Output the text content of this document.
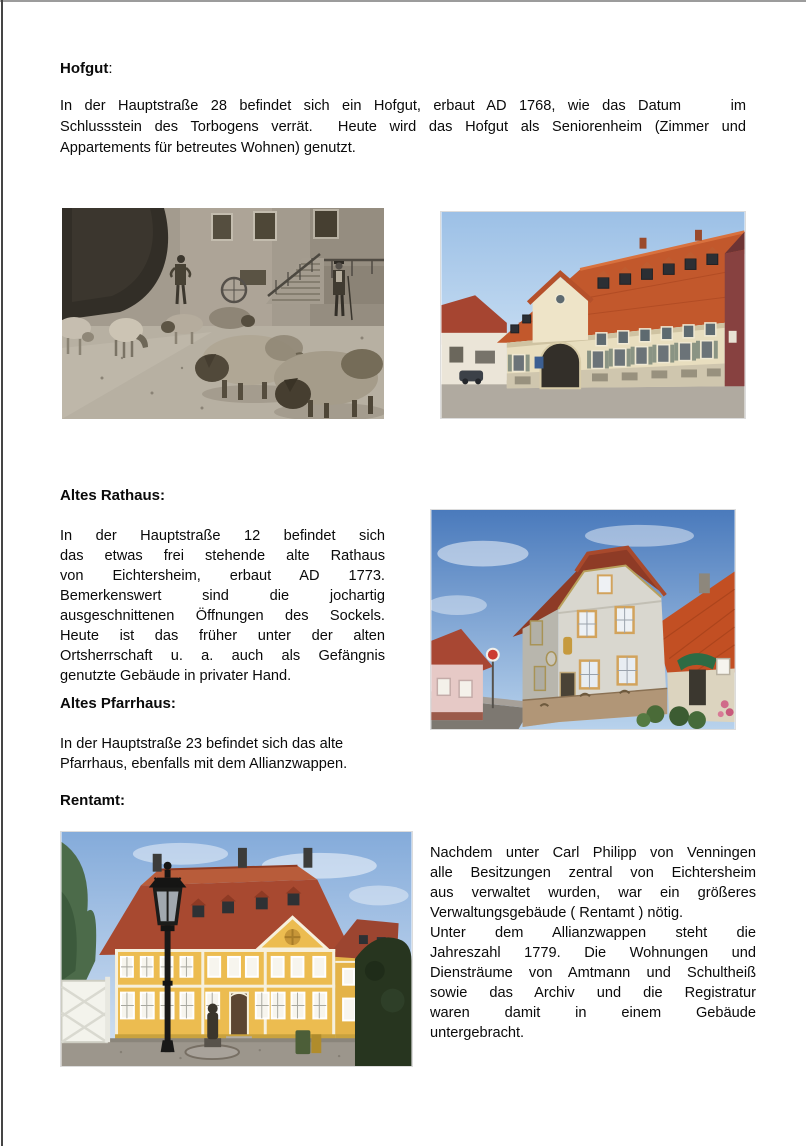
Hofgut:
In der Hauptstraße 28 befindet sich ein Hofgut, erbaut AD 1768, wie das Datum    im
Schlussstein des Torbogens verrät.  Heute wird das Hofgut als Seniorenheim (Zimmer und
Appartements für betreutes Wohnen) genutzt.
Altes Rathaus:
In der Hauptstraße 12 befindet sich
das etwas frei stehende alte Rathaus
von Eichtersheim, erbaut AD 1773.
Bemerkenswert sind die jochartig
ausgeschnittenen Öffnungen des Sockels.
Heute ist das früher unter der alten
Ortsherrschaft u. a. auch als Gefängnis
genutzte Gebäude in privater Hand.
Altes Pfarrhaus:
In der Hauptstraße 23 befindet sich das alte
Pfarrhaus, ebenfalls mit dem Allianzwappen.
Rentamt:
Nachdem unter Carl Philipp von Venningen
alle Besitzungen zentral von Eichtersheim
aus verwaltet wurden, war ein größeres
Verwaltungsgebäude ( Rentamt ) nötig.
Unter dem Allianzwappen steht die
Jahreszahl 1779. Die Wohnungen und
Diensträume von Amtmann und Schultheiß
sowie das Archiv und die Registratur
waren damit in einem Gebäude
untergebracht.
